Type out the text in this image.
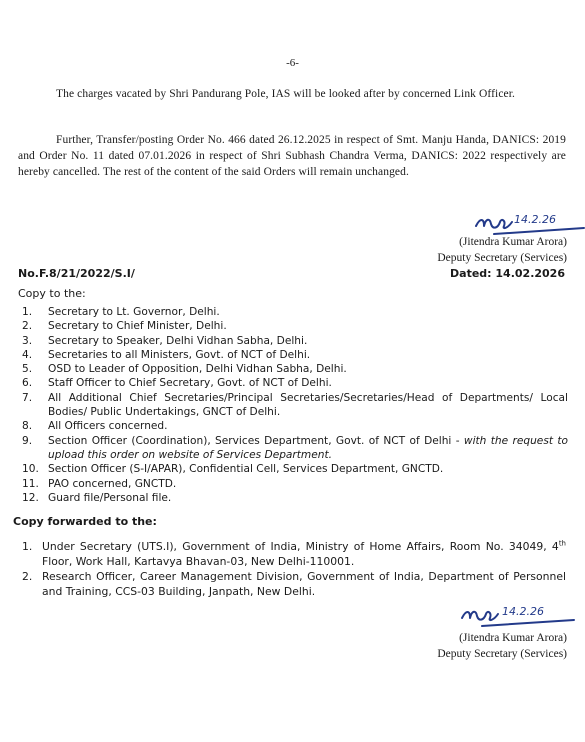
-6-

The charges vacated by Shri Pandurang Pole, IAS will be looked after by concerned Link Officer.

Further, Transfer/posting Order No. 466 dated 26.12.2025 in respect of Smt. Manju Handa, DANICS: 2019 and Order No. 11 dated 07.01.2026 in respect of Shri Subhash Chandra Verma, DANICS: 2022 respectively are hereby cancelled. The rest of the content of the said Orders will remain unchanged.

14.2.26
(Jitendra Kumar Arora)
Deputy Secretary (Services)
No.F.8/21/2022/S.I/	Dated: 14.02.2026
Copy to the:
1. Secretary to Lt. Governor, Delhi.
2. Secretary to Chief Minister, Delhi.
3. Secretary to Speaker, Delhi Vidhan Sabha, Delhi.
4. Secretaries to all Ministers, Govt. of NCT of Delhi.
5. OSD to Leader of Opposition, Delhi Vidhan Sabha, Delhi.
6. Staff Officer to Chief Secretary, Govt. of NCT of Delhi.
7. All Additional Chief Secretaries/Principal Secretaries/Secretaries/Head of Departments/ Local Bodies/ Public Undertakings, GNCT of Delhi.
8. All Officers concerned.
9. Section Officer (Coordination), Services Department, Govt. of NCT of Delhi - with the request to upload this order on website of Services Department.
10. Section Officer (S-I/APAR), Confidential Cell, Services Department, GNCTD.
11. PAO concerned, GNCTD.
12. Guard file/Personal file.
Copy forwarded to the:
1. Under Secretary (UTS.I), Government of India, Ministry of Home Affairs, Room No. 34049, 4th Floor, Work Hall, Kartavya Bhavan-03, New Delhi-110001.
2. Research Officer, Career Management Division, Government of India, Department of Personnel and Training, CCS-03 Building, Janpath, New Delhi.
14.2.26
(Jitendra Kumar Arora)
Deputy Secretary (Services)
